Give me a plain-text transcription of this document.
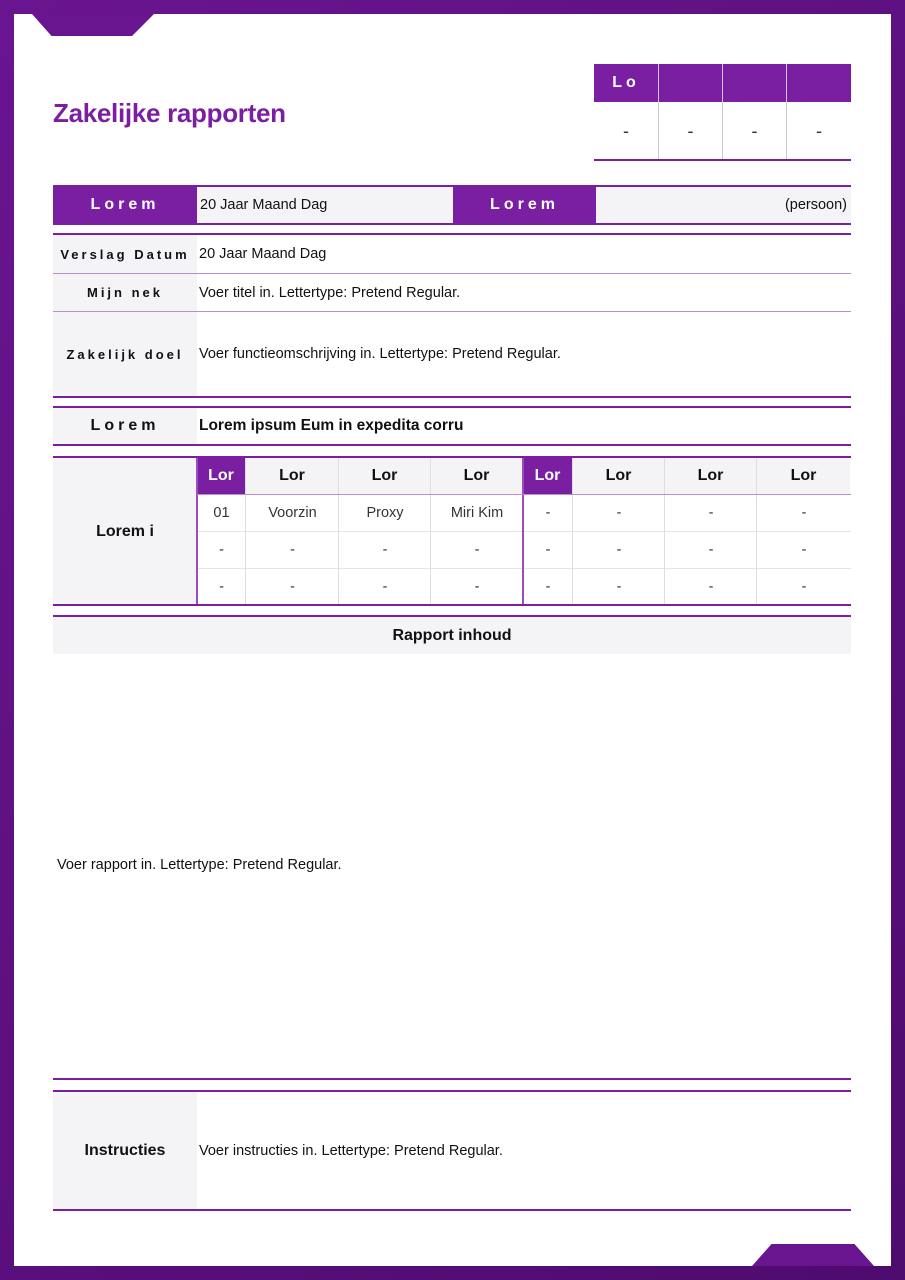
Zakelijke rapporten
Lo
-	-	-	-
Lorem	20 Jaar Maand Dag	Lorem	(persoon)
Verslag Datum 20 Jaar Maand Dag
Mijn nek	Voer titel in. Lettertype: Pretend Regular.
Zakelijk doel	Voer functieomschrijving in. Lettertype: Pretend Regular.
Lorem	Lorem ipsum Eum in expedita corru
Lorem i
Lor	Lor	Lor	Lor	Lor	Lor	Lor	Lor
01	Voorzin	Proxy	Miri Kim	-	-	-	-
-	-	-	-	-	-	-	-
-	-	-	-	-	-	-	-
Rapport inhoud
Voer rapport in. Lettertype: Pretend Regular.
Instructies	Voer instructies in. Lettertype: Pretend Regular.
